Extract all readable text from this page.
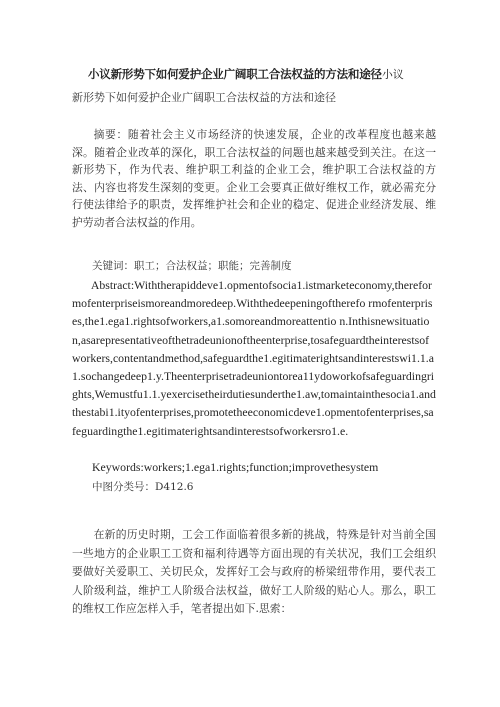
小议新形势下如何爱护企业广阔职工合法权益的方法和途径小议
新形势下如何爱护企业广阔职工合法权益的方法和途径
摘要：随着社会主义市场经济的快速发展，企业的改革程度也越来越深。随着企业改革的深化，职工合法权益的问题也越来越受到关注。在这一新形势下，作为代表、维护职工利益的企业工会，维护职工合法权益的方法、内容也将发生深刻的变更。企业工会要真正做好维权工作，就必需充分行使法律给予的职责，发挥维护社会和企业的稳定、促进企业经济发展、维护劳动者合法权益的作用。
关键词：职工；合法权益；职能；完善制度
Abstract:Withtherapiddeve1.opmentofsocia1.istmarketeconomy,thereformofenterpriseismoreandmoredeep.Withthedeepeningoftherefo rmofenterprises,the1.ega1.rightsofworkers,a1.somoreandmoreattentio n.Inthisnewsituation,asarepresentativeofthetradeunionoftheenterprise,tosafeguardtheinterestsofworkers,contentandmethod,safeguardthe1.egitimaterightsandinterestswi1.1.a1.sochangedeep1.y.Theenterprisetradeuniontorea11ydoworkofsafeguardingrights,Wemustfu1.1.yexercisetheirdutiesunderthe1.aw,tomaintainthesocia1.andthestabi1.ityofenterprises,promotetheeconomicdeve1.opmentofenterprises,safeguardingthe1.egitimaterightsandinterestsofworkersro1.e.
Keywords:workers;1.ega1.rights;function;improvethesystem
中图分类号：D412.6
在新的历史时期，工会工作面临着很多新的挑战，特殊是针对当前全国一些地方的企业职工工资和福利待遇等方面出现的有关状况，我们工会组织要做好关爱职工、关切民众，发挥好工会与政府的桥梁纽带作用，要代表工人阶级利益，维护工人阶级合法权益，做好工人阶级的贴心人。那么，职工的维权工作应怎样入手，笔者提出如下.思索：
